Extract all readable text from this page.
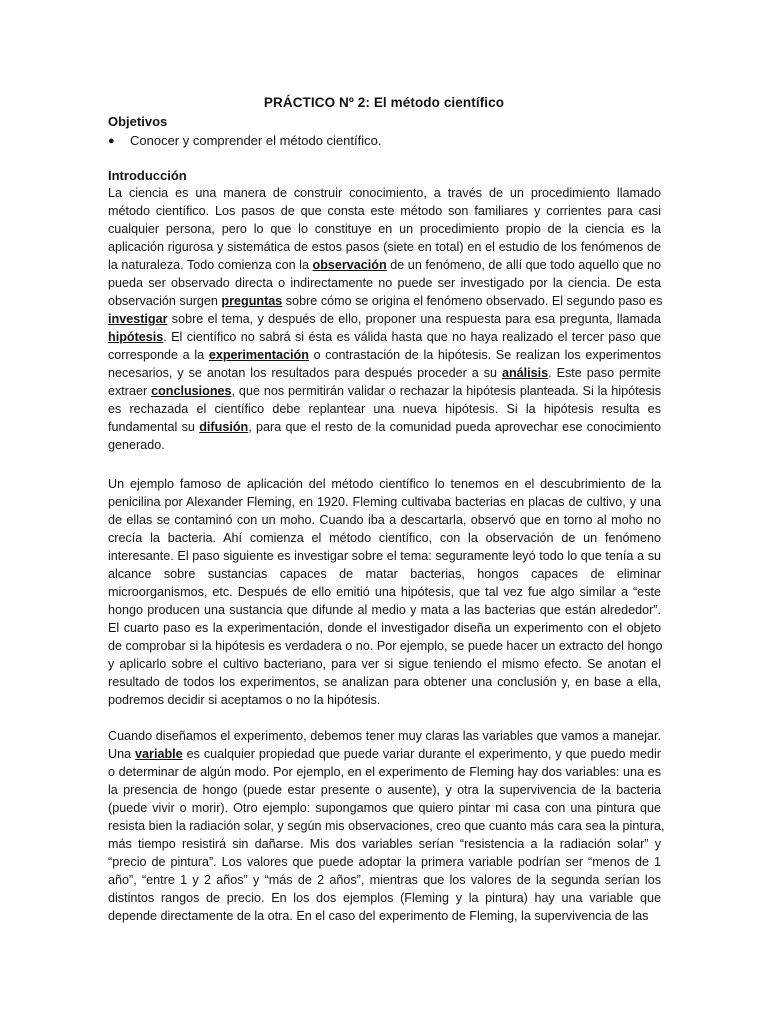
PRÁCTICO Nº 2: El método científico
Objetivos
● Conocer y comprender el método científico.
Introducción
La ciencia es una manera de construir conocimiento, a través de un procedimiento llamado
método científico. Los pasos de que consta este método son familiares y corrientes para casi
cualquier persona, pero lo que lo constituye en un procedimiento propio de la ciencia es la
aplicación rigurosa y sistemática de estos pasos (siete en total) en el estudio de los fenómenos de
la naturaleza. Todo comienza con la observación de un fenómeno, de allí que todo aquello que no
pueda ser observado directa o indirectamente no puede ser investigado por la ciencia. De esta
observación surgen preguntas sobre cómo se origina el fenómeno observado. El segundo paso es
investigar sobre el tema, y después de ello, proponer una respuesta para esa pregunta, llamada
hipótesis. El científico no sabrá si ésta es válida hasta que no haya realizado el tercer paso que
corresponde a la experimentación o contrastación de la hipótesis. Se realizan los experimentos
necesarios, y se anotan los resultados para después proceder a su análisis. Este paso permite
extraer conclusiones, que nos permitirán validar o rechazar la hipótesis planteada. Si la hipótesis
es rechazada el científico debe replantear una nueva hipótesis. Si la hipótesis resulta es
fundamental su difusión, para que el resto de la comunidad pueda aprovechar ese conocimiento
generado.
Un ejemplo famoso de aplicación del método científico lo tenemos en el descubrimiento de la
penicilina por Alexander Fleming, en 1920. Fleming cultivaba bacterias en placas de cultivo, y una
de ellas se contaminó con un moho. Cuando iba a descartarla, observó que en torno al moho no
crecía la bacteria. Ahí comienza el método científico, con la observación de un fenómeno
interesante. El paso siguiente es investigar sobre el tema: seguramente leyó todo lo que tenía a su
alcance sobre sustancias capaces de matar bacterias, hongos capaces de eliminar
microorganismos, etc. Después de ello emitió una hipótesis, que tal vez fue algo similar a “este
hongo producen una sustancia que difunde al medio y mata a las bacterias que están alrededor”.
El cuarto paso es la experimentación, donde el investigador diseña un experimento con el objeto
de comprobar si la hipótesis es verdadera o no. Por ejemplo, se puede hacer un extracto del hongo
y aplicarlo sobre el cultivo bacteriano, para ver si sigue teniendo el mismo efecto. Se anotan el
resultado de todos los experimentos, se analizan para obtener una conclusión y, en base a ella,
podremos decidir si aceptamos o no la hipótesis.
Cuando diseñamos el experimento, debemos tener muy claras las variables que vamos a manejar.
Una variable es cualquier propiedad que puede variar durante el experimento, y que puedo medir
o determinar de algún modo. Por ejemplo, en el experimento de Fleming hay dos variables: una es
la presencia de hongo (puede estar presente o ausente), y otra la supervivencia de la bacteria
(puede vivir o morir). Otro ejemplo: supongamos que quiero pintar mi casa con una pintura que
resista bien la radiación solar, y según mis observaciones, creo que cuanto más cara sea la pintura,
más tiempo resistirá sin dañarse. Mis dos variables serían “resistencia a la radiación solar” y
“precio de pintura”. Los valores que puede adoptar la primera variable podrían ser “menos de 1
año”, “entre 1 y 2 años” y “más de 2 años”, mientras que los valores de la segunda serían los
distintos rangos de precio. En los dos ejemplos (Fleming y la pintura) hay una variable que
depende directamente de la otra. En el caso del experimento de Fleming, la supervivencia de las
